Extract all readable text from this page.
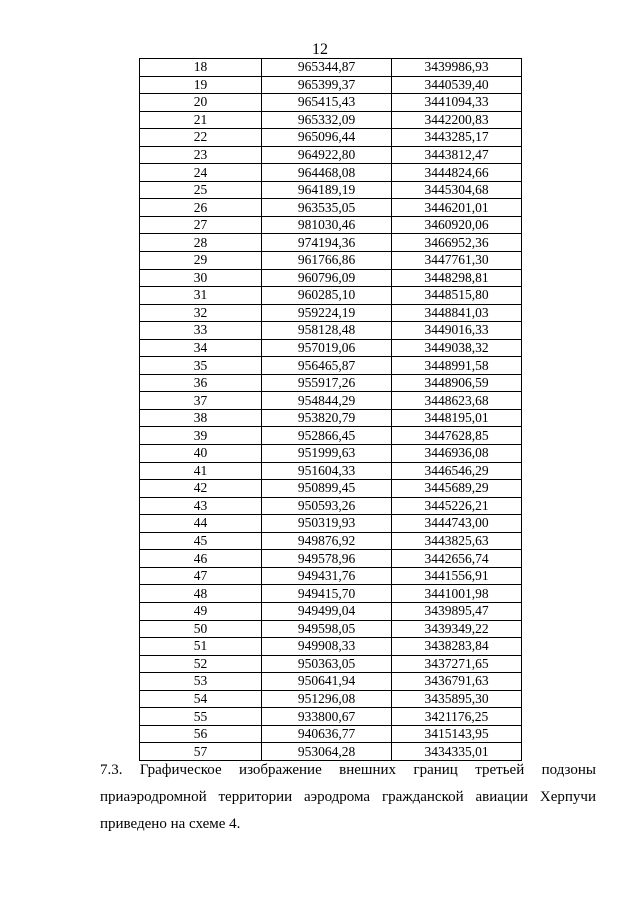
12
18	965344,87	3439986,93
19	965399,37	3440539,40
20	965415,43	3441094,33
21	965332,09	3442200,83
22	965096,44	3443285,17
23	964922,80	3443812,47
24	964468,08	3444824,66
25	964189,19	3445304,68
26	963535,05	3446201,01
27	981030,46	3460920,06
28	974194,36	3466952,36
29	961766,86	3447761,30
30	960796,09	3448298,81
31	960285,10	3448515,80
32	959224,19	3448841,03
33	958128,48	3449016,33
34	957019,06	3449038,32
35	956465,87	3448991,58
36	955917,26	3448906,59
37	954844,29	3448623,68
38	953820,79	3448195,01
39	952866,45	3447628,85
40	951999,63	3446936,08
41	951604,33	3446546,29
42	950899,45	3445689,29
43	950593,26	3445226,21
44	950319,93	3444743,00
45	949876,92	3443825,63
46	949578,96	3442656,74
47	949431,76	3441556,91
48	949415,70	3441001,98
49	949499,04	3439895,47
50	949598,05	3439349,22
51	949908,33	3438283,84
52	950363,05	3437271,65
53	950641,94	3436791,63
54	951296,08	3435895,30
55	933800,67	3421176,25
56	940636,77	3415143,95
57	953064,28	3434335,01
7.3. Графическое изображение внешних границ третьей подзоны приаэродромной территории аэродрома гражданской авиации Херпучи приведено на схеме 4.
